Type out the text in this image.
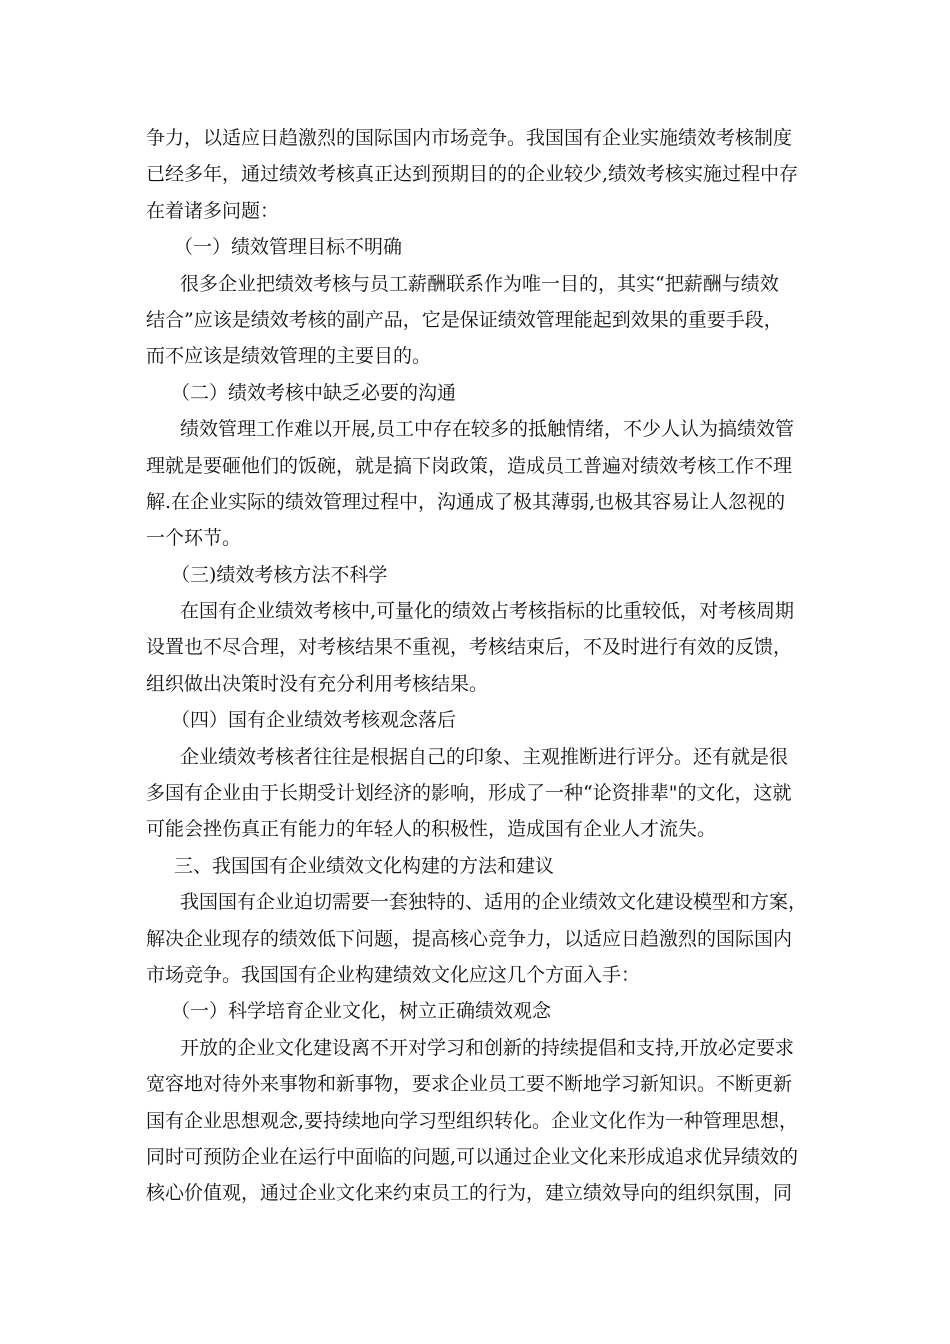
争力，以适应日趋激烈的国际国内市场竞争。我国国有企业实施绩效考核制度
已经多年，通过绩效考核真正达到预期目的的企业较少,绩效考核实施过程中存
在着诸多问题：
（一）绩效管理目标不明确
很多企业把绩效考核与员工薪酬联系作为唯一目的，其实“把薪酬与绩效
结合”应该是绩效考核的副产品，它是保证绩效管理能起到效果的重要手段，
而不应该是绩效管理的主要目的。
（二）绩效考核中缺乏必要的沟通
绩效管理工作难以开展,员工中存在较多的抵触情绪，不少人认为搞绩效管
理就是要砸他们的饭碗，就是搞下岗政策，造成员工普遍对绩效考核工作不理
解.在企业实际的绩效管理过程中，沟通成了极其薄弱,也极其容易让人忽视的
一个环节。
（三)绩效考核方法不科学
在国有企业绩效考核中,可量化的绩效占考核指标的比重较低，对考核周期
设置也不尽合理，对考核结果不重视，考核结束后，不及时进行有效的反馈，
组织做出决策时没有充分利用考核结果。
（四）国有企业绩效考核观念落后
企业绩效考核者往往是根据自己的印象、主观推断进行评分。还有就是很
多国有企业由于长期受计划经济的影响，形成了一种“论资排辈"的文化，这就
可能会挫伤真正有能力的年轻人的积极性，造成国有企业人才流失。
三、我国国有企业绩效文化构建的方法和建议
我国国有企业迫切需要一套独特的、适用的企业绩效文化建设模型和方案，
解决企业现存的绩效低下问题，提高核心竞争力，以适应日趋激烈的国际国内
市场竞争。我国国有企业构建绩效文化应这几个方面入手：
（一）科学培育企业文化，树立正确绩效观念
开放的企业文化建设离不开对学习和创新的持续提倡和支持,开放必定要求
宽容地对待外来事物和新事物，要求企业员工要不断地学习新知识。不断更新
国有企业思想观念,要持续地向学习型组织转化。企业文化作为一种管理思想，
同时可预防企业在运行中面临的问题,可以通过企业文化来形成追求优异绩效的
核心价值观，通过企业文化来约束员工的行为，建立绩效导向的组织氛围，同
